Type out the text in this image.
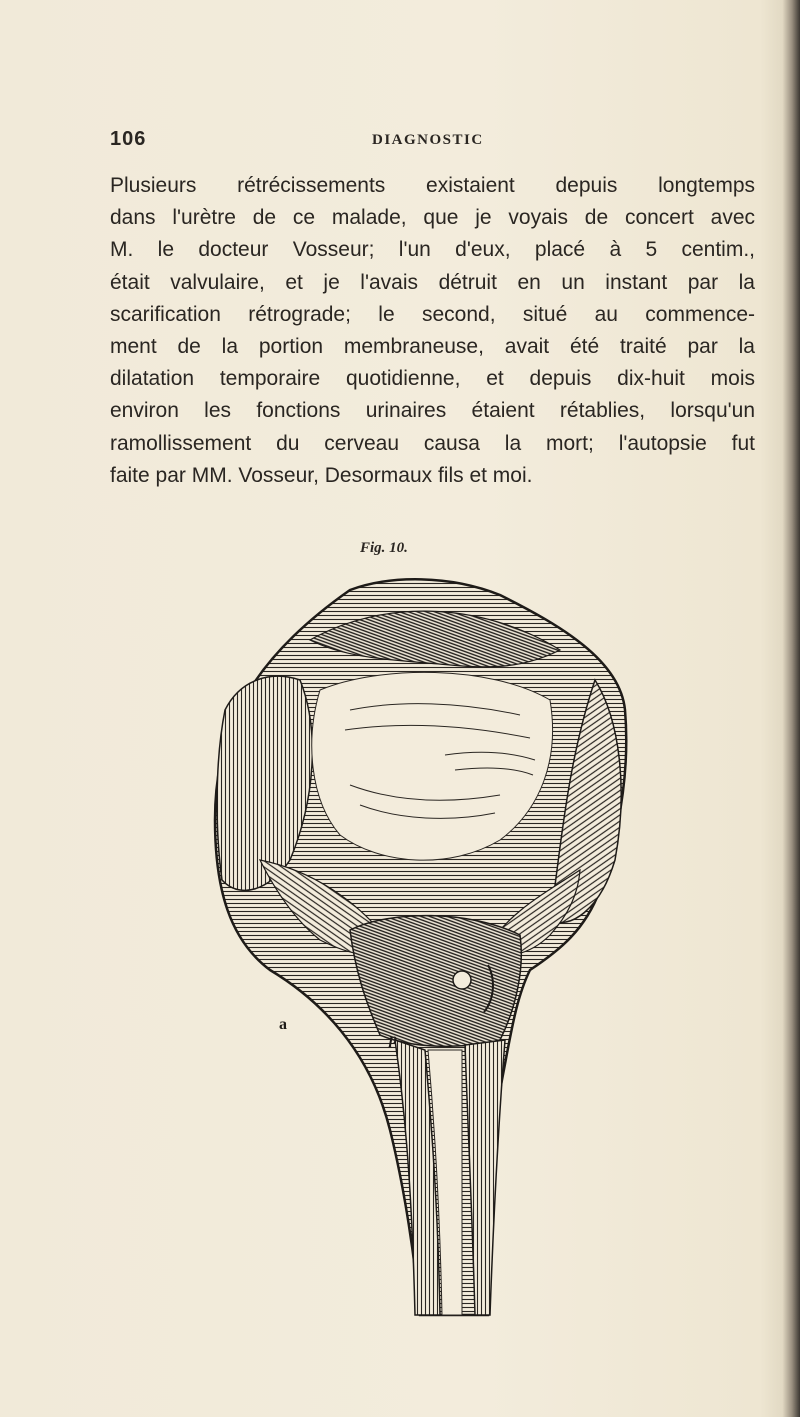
106	DIAGNOSTIC
Plusieurs rétrécissements existaient depuis longtemps
dans l'urètre de ce malade, que je voyais de concert avec
M. le docteur Vosseur; l'un d'eux, placé à 5 centim.,
était valvulaire, et je l'avais détruit en un instant par la
scarification rétrograde; le second, situé au commence-
ment de la portion membraneuse, avait été traité par la
dilatation temporaire quotidienne, et depuis dix-huit mois
environ les fonctions urinaires étaient rétablies, lorsqu'un
ramollissement du cerveau causa la mort; l'autopsie fut
faite par MM. Vosseur, Desormaux fils et moi.
Fig. 10.
a
p
